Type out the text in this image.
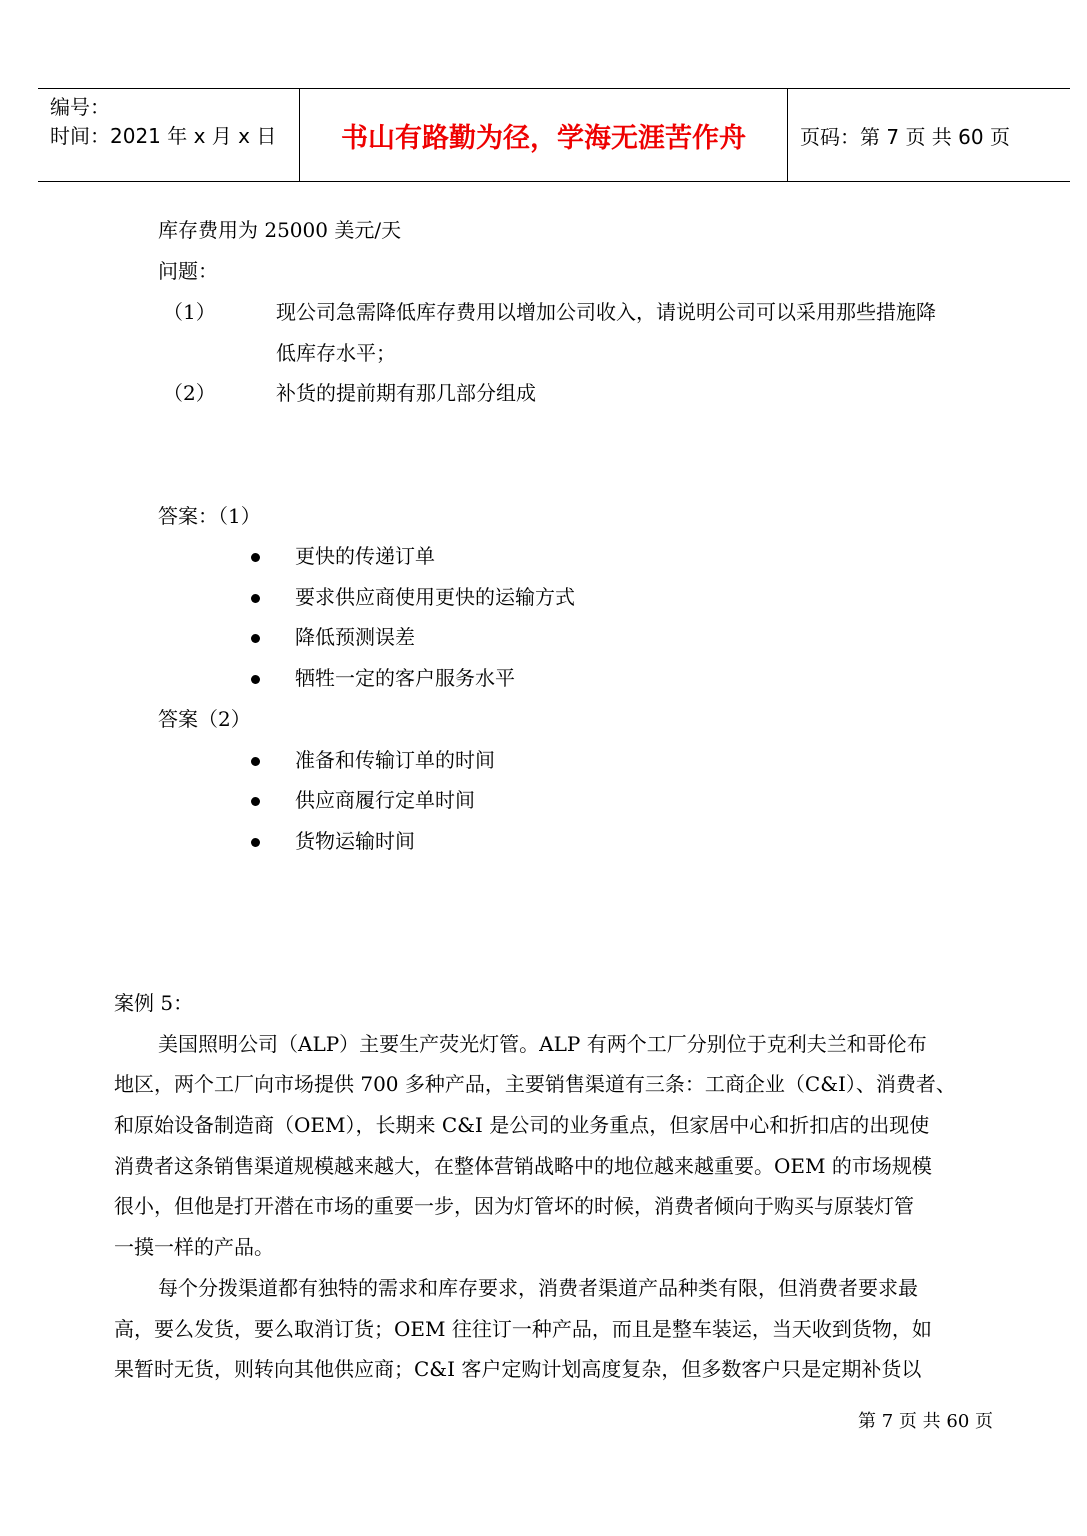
编号：
时间：2021 年 x 月 x 日	书山有路勤为径，学海无涯苦作舟	页码：第 7 页 共 60 页
库存费用为 25000 美元/天
问题：
（1）	现公司急需降低库存费用以增加公司收入，请说明公司可以采用那些措施降
低库存水平；
（2）	补货的提前期有那几部分组成
答案：（1）
更快的传递订单
要求供应商使用更快的运输方式
降低预测误差
牺牲一定的客户服务水平
答案（2）
准备和传输订单的时间
供应商履行定单时间
货物运输时间
案例 5：
美国照明公司（ALP）主要生产荧光灯管。ALP 有两个工厂分别位于克利夫兰和哥伦布
地区，两个工厂向市场提供 700 多种产品，主要销售渠道有三条：工商企业（C&I）、消费者、
和原始设备制造商（OEM），长期来 C&I 是公司的业务重点，但家居中心和折扣店的出现使
消费者这条销售渠道规模越来越大，在整体营销战略中的地位越来越重要。OEM 的市场规模
很小，但他是打开潜在市场的重要一步，因为灯管坏的时候，消费者倾向于购买与原装灯管
一摸一样的产品。
每个分拨渠道都有独特的需求和库存要求，消费者渠道产品种类有限，但消费者要求最
高，要么发货，要么取消订货；OEM 往往订一种产品，而且是整车装运，当天收到货物，如
果暂时无货，则转向其他供应商；C&I 客户定购计划高度复杂，但多数客户只是定期补货以
第 7 页 共 60 页
